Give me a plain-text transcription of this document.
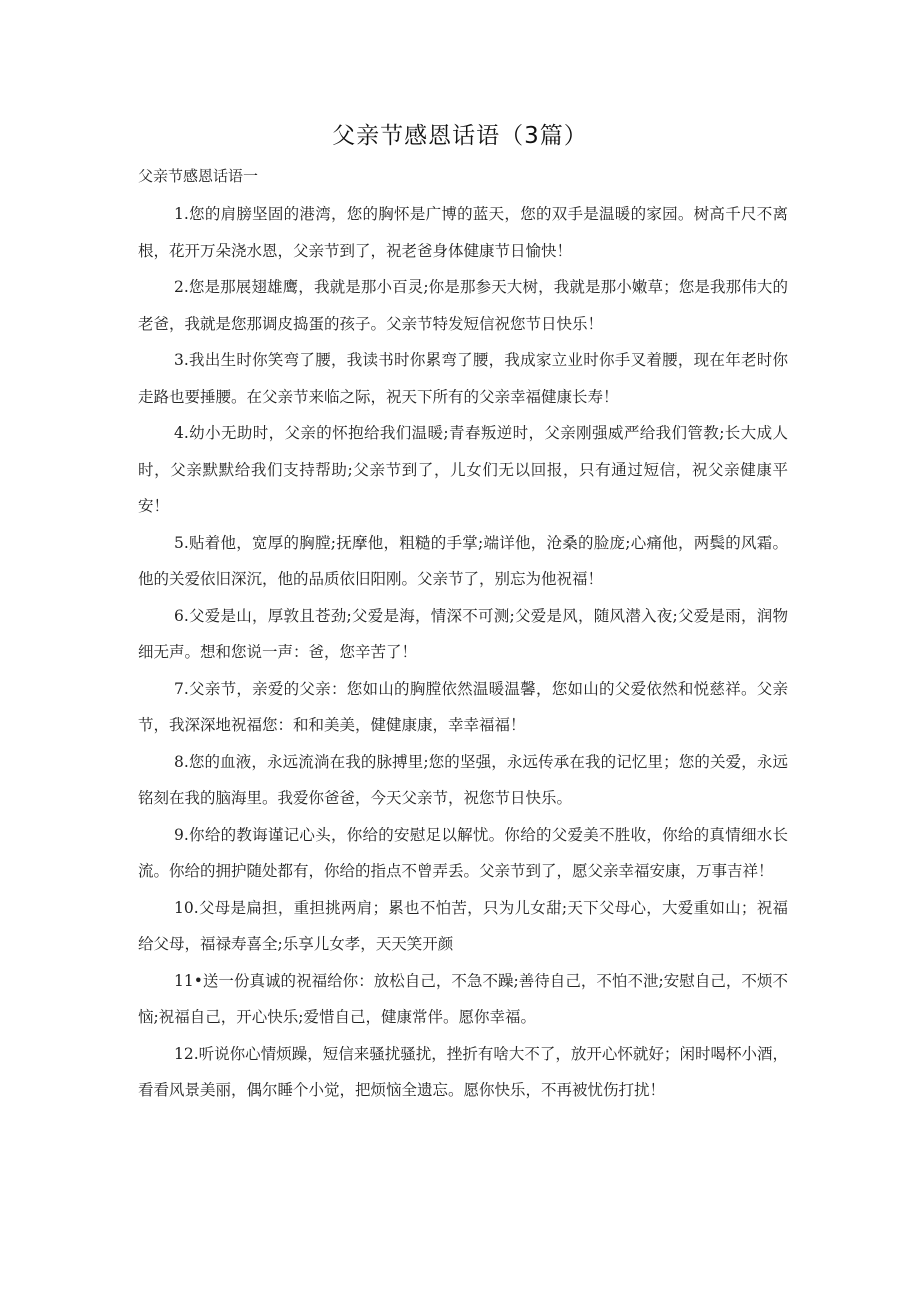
父亲节感恩话语（3篇）
父亲节感恩话语一

1.您的肩膀坚固的港湾，您的胸怀是广博的蓝天，您的双手是温暖的家园。树高千尺不离根，花开万朵浇水恩，父亲节到了，祝老爸身体健康节日愉快！

2.您是那展翅雄鹰，我就是那小百灵;你是那参天大树，我就是那小嫩草；您是我那伟大的老爸，我就是您那调皮捣蛋的孩子。父亲节特发短信祝您节日快乐！

3.我出生时你笑弯了腰，我读书时你累弯了腰，我成家立业时你手叉着腰，现在年老时你走路也要捶腰。在父亲节来临之际，祝天下所有的父亲幸福健康长寿！

4.幼小无助时，父亲的怀抱给我们温暖;青春叛逆时，父亲刚强威严给我们管教;长大成人时，父亲默默给我们支持帮助;父亲节到了，儿女们无以回报，只有通过短信，祝父亲健康平安！

5.贴着他，宽厚的胸膛;抚摩他，粗糙的手掌;端详他，沧桑的脸庞;心痛他，两鬓的风霜。他的关爱依旧深沉，他的品质依旧阳刚。父亲节了，别忘为他祝福！

6.父爱是山，厚敦且苍劲;父爱是海，情深不可测;父爱是风，随风潜入夜;父爱是雨，润物细无声。想和您说一声：爸，您辛苦了！

7.父亲节，亲爱的父亲：您如山的胸膛依然温暖温馨，您如山的父爱依然和悦慈祥。父亲节，我深深地祝福您：和和美美，健健康康，幸幸福福！

8.您的血液，永远流淌在我的脉搏里;您的坚强，永远传承在我的记忆里；您的关爱，永远铭刻在我的脑海里。我爱你爸爸，今天父亲节，祝您节日快乐。

9.你给的教诲谨记心头，你给的安慰足以解忧。你给的父爱美不胜收，你给的真情细水长流。你给的拥护随处都有，你给的指点不曾弄丢。父亲节到了，愿父亲幸福安康，万事吉祥！

10.父母是扁担，重担挑两肩；累也不怕苦，只为儿女甜;天下父母心，大爱重如山；祝福给父母，福禄寿喜全;乐享儿女孝，天天笑开颜

11•送一份真诚的祝福给你：放松自己，不急不躁;善待自己，不怕不泄;安慰自己，不烦不恼;祝福自己，开心快乐;爱惜自己，健康常伴。愿你幸福。

12.听说你心情烦躁，短信来骚扰骚扰，挫折有啥大不了，放开心怀就好；闲时喝杯小酒，看看风景美丽，偶尔睡个小觉，把烦恼全遗忘。愿你快乐，不再被忧伤打扰！
